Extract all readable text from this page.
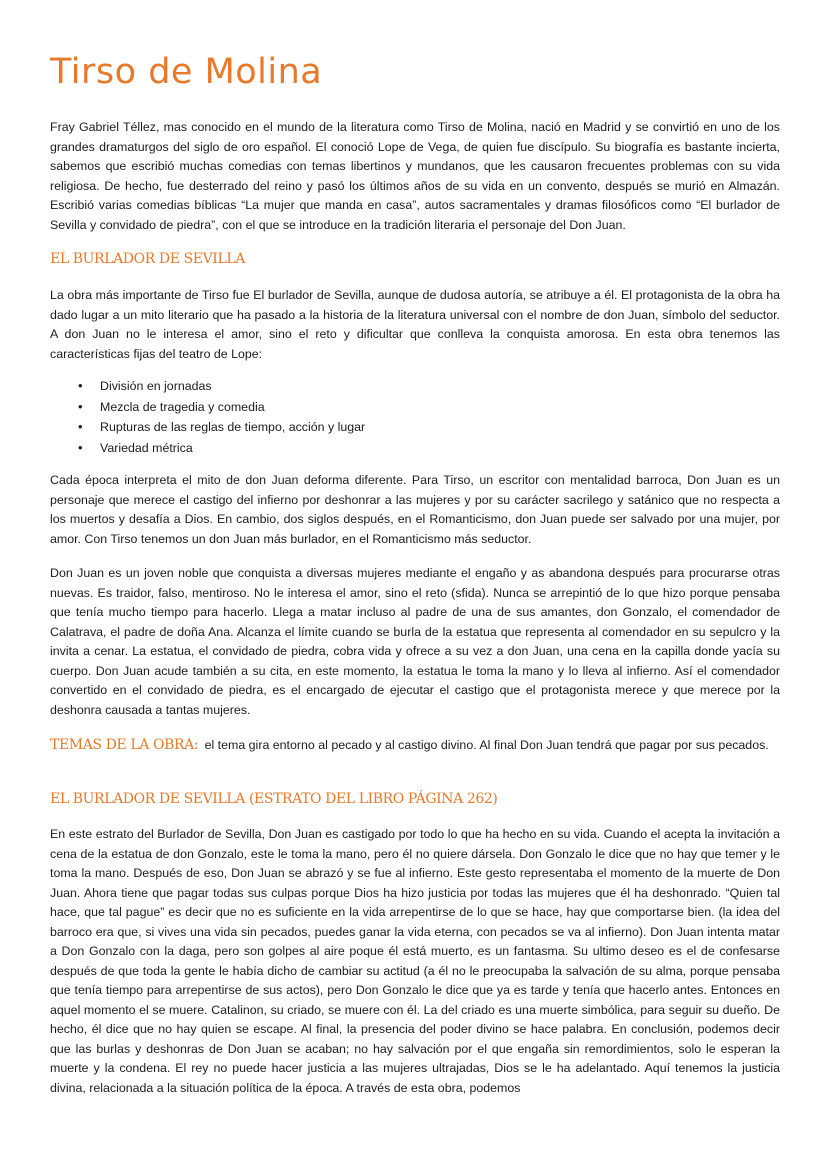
Tirso de Molina

Fray Gabriel Téllez, mas conocido en el mundo de la literatura como Tirso de Molina, nació en Madrid y se convirtió en uno de los grandes dramaturgos del siglo de oro español. El conoció Lope de Vega, de quien fue discípulo. Su biografía es bastante incierta, sabemos que escribió muchas comedias con temas libertinos y mundanos, que les causaron frecuentes problemas con su vida religiosa. De hecho, fue desterrado del reino y pasó los últimos años de su vida en un convento, después se murió en Almazán. Escribió varias comedias bíblicas “La mujer que manda en casa”, autos sacramentales y dramas filosóficos como “El burlador de Sevilla y convidado de piedra”, con el que se introduce en la tradición literaria el personaje del Don Juan.

EL BURLADOR DE SEVILLA

La obra más importante de Tirso fue El burlador de Sevilla, aunque de dudosa autoría, se atribuye a él. El protagonista de la obra ha dado lugar a un mito literario que ha pasado a la historia de la literatura universal con el nombre de don Juan, símbolo del seductor. A don Juan no le interesa el amor, sino el reto y dificultar que conlleva la conquista amorosa. En esta obra tenemos las características fijas del teatro de Lope:

• División en jornadas
• Mezcla de tragedia y comedia
• Rupturas de las reglas de tiempo, acción y lugar
• Variedad métrica

Cada época interpreta el mito de don Juan deforma diferente. Para Tirso, un escritor con mentalidad barroca, Don Juan es un personaje que merece el castigo del infierno por deshonrar a las mujeres y por su carácter sacrilego y satánico que no respecta a los muertos y desafía a Dios. En cambio, dos siglos después, en el Romanticismo, don Juan puede ser salvado por una mujer, por amor. Con Tirso tenemos un don Juan más burlador, en el Romanticismo más seductor.

Don Juan es un joven noble que conquista a diversas mujeres mediante el engaño y as abandona después para procurarse otras nuevas. Es traidor, falso, mentiroso. No le interesa el amor, sino el reto (sfida). Nunca se arrepintió de lo que hizo porque pensaba que tenía mucho tiempo para hacerlo. Llega a matar incluso al padre de una de sus amantes, don Gonzalo, el comendador de Calatrava, el padre de doña Ana. Alcanza el límite cuando se burla de la estatua que representa al comendador en su sepulcro y la invita a cenar. La estatua, el convidado de piedra, cobra vida y ofrece a su vez a don Juan, una cena en la capilla donde yacía su cuerpo. Don Juan acude también a su cita, en este momento, la estatua le toma la mano y lo lleva al infierno. Así el comendador convertido en el convidado de piedra, es el encargado de ejecutar el castigo que el protagonista merece y que merece por la deshonra causada a tantas mujeres.

TEMAS DE LA OBRA: el tema gira entorno al pecado y al castigo divino. Al final Don Juan tendrá que pagar por sus pecados.

EL BURLADOR DE SEVILLA (ESTRATO DEL LIBRO PÁGINA 262)

En este estrato del Burlador de Sevilla, Don Juan es castigado por todo lo que ha hecho en su vida. Cuando el acepta la invitación a cena de la estatua de don Gonzalo, este le toma la mano, pero él no quiere dársela. Don Gonzalo le dice que no hay que temer y le toma la mano. Después de eso, Don Juan se abrazó y se fue al infierno. Este gesto representaba el momento de la muerte de Don Juan. Ahora tiene que pagar todas sus culpas porque Dios ha hizo justicia por todas las mujeres que él ha deshonrado. “Quien tal hace, que tal pague” es decir que no es suficiente en la vida arrepentirse de lo que se hace, hay que comportarse bien. (la idea del barroco era que, si vives una vida sin pecados, puedes ganar la vida eterna, con pecados se va al infierno). Don Juan intenta matar a Don Gonzalo con la daga, pero son golpes al aire poque él está muerto, es un fantasma. Su ultimo deseo es el de confesarse después de que toda la gente le había dicho de cambiar su actitud (a él no le preocupaba la salvación de su alma, porque pensaba que tenía tiempo para arrepentirse de sus actos), pero Don Gonzalo le dice que ya es tarde y tenía que hacerlo antes. Entonces en aquel momento el se muere. Catalinon, su criado, se muere con él. La del criado es una muerte simbólica, para seguir su dueño. De hecho, él dice que no hay quien se escape. Al final, la presencia del poder divino se hace palabra. En conclusión, podemos decir que las burlas y deshonras de Don Juan se acaban; no hay salvación por el que engaña sin remordimientos, solo le esperan la muerte y la condena. El rey no puede hacer justicia a las mujeres ultrajadas, Dios se le ha adelantado. Aquí tenemos la justicia divina, relacionada a la situación política de la época. A través de esta obra, podemos
